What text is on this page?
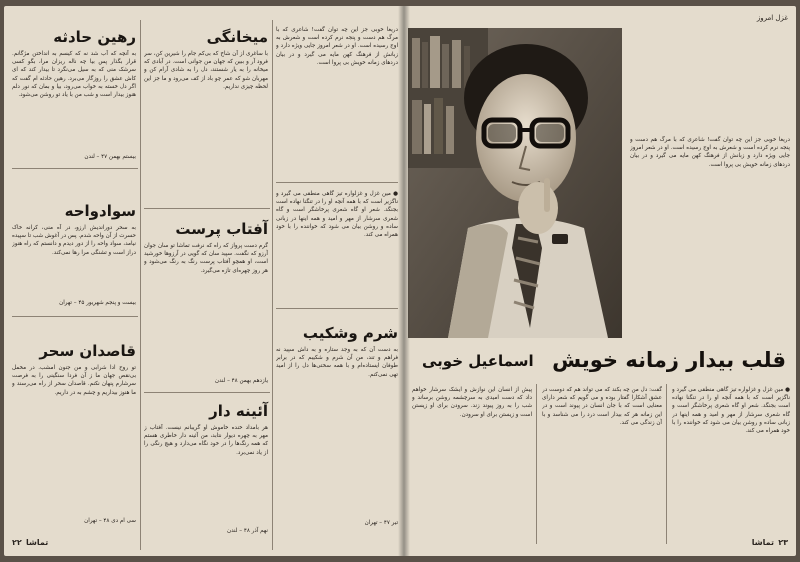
رهین حادثه
به آنچه که آب شد نه که کیسم به انداختن مژگانم. قرار بگذار پس بیا چه ناله ریزان مرا، بگو کسی سرشک منی که به سیل می‌نگرد تا بیدار کند که ای کاش عشق را روزگار می‌برد. رهین حادثه ام گفت که اگر دل خسته به خواب می‌رود، بیا و بمان که نور دلم هنوز بیدار است و شب من با یاد تو روشن می‌شود.
بیستم بهمن ۴۷ – لندن
سوادواحه
به سحر دوراندیش ارزو، در آه منی، کرانه خاک حسرت از آن واحه شدم. پس در آغوش شب تا سپیده نیامد، سواد واحه را از دور دیدم و دانستم که راه هنوز دراز است و تشنگی مرا رها نمی‌کند.
بیست و پنجم شهریور ۴۵ – تهران
قاصدان سحر
تو روح ادا شرابی و من جنون امشب. در مخمل بی‌نقص جهان ما ز آن فردا سنگینی را به فرصت سرشارم پنهان نکنم. قاصدان سحر از راه می‌رسند و ما هنوز بیداریم و چشم به در داریم.
سی ام دی ۴۸ – تهران
میخانگی
با ساغری از آن شاخ که بی‌کم جام را شیرین کن، سر فرود آر و ببین که جهان من جوانی است. در آبادی که میخانه را به یار شستند، دل را به شادی آرام کن و مهربان شو که عمر چو باد از کف می‌رود و ما جز این لحظه چیزی نداریم.
آفتاب پرست
گرم دست پرواز که راه که نرفت تماشا تو سان جوان آرزو که نگفت. سپید سان که گویی در آرزوها خورشید است، او همچو آفتاب پرست رنگ به رنگ می‌شود و هر روز چهره‌ای تازه می‌گیرد.
یازدهم بهمن ۴۸ – لندن
آئینه دار
هر بامداد خنده خاموش او گریبانم نیست. آفتاب ز مهر به چهره دیوار نتابد، من آئینه دار خاطری هستم که همه رنگ‌ها را در خود نگاه می‌دارد و هیچ رنگی را از یاد نمی‌برد.
نهم آذر ۴۸ – لندن
دریغا خوبی جز این چه توان گفت! شاعری که با مرگ هم دست و پنجه نرم کرده است و شعرش به اوج رسیده است. او در شعر امروز جایی ویژه دارد و زبانش از فرهنگ کهن مایه می گیرد و در بیان دردهای زمانه خویش بی پروا است.
● مین غزل و غزلواره تیز گاهی منطقی می گیرد و ناگزیر است که با همه آنچه او را در تنگنا نهاده است بجنگد. شعر او گاه شعری پرخاشگر است و گاه شعری سرشار از مهر و امید و همه اینها در زبانی ساده و روشن بیان می شود که خواننده را با خود همراه می کند.
شرم وشکیب
به دست آن که به وجد ستاره و به داش سپید نه فراهم و تند، من آن شرم و شکیبم که در برابر طوفان ایستاده‌ام و با همه سختی‌ها دل را از امید تهی نمی‌کنم.
تیر ۴۷ – تهران
تماشا
۲۲
غزل امروز
دریغا خوبی جز این چه توان گفت! شاعری که با مرگ هم دست و پنجه نرم کرده است و شعرش به اوج رسیده است. او در شعر امروز جایی ویژه دارد و زبانش از فرهنگ کهن مایه می گیرد و در بیان دردهای زمانه خویش بی پروا است.
قلب بیدار زمانه خویش
اسماعیل خوبی
● مین غزل و غزلواره تیز گاهی منطقی می گیرد و ناگزیر است که با همه آنچه او را در تنگنا نهاده است بجنگد. شعر او گاه شعری پرخاشگر است و گاه شعری سرشار از مهر و امید و همه اینها در زبانی ساده و روشن بیان می شود که خواننده را با خود همراه می کند.
گفت: دل من چه بکند که می تواند هم که دوست در عشق آشکارا گفتار بوده و می گویم که شعر دارای معنایی است که با جان انسان در پیوند است و در این زمانه هر که بیدار است درد را می شناسد و با آن زندگی می کند.
پیش از انسان این نوازش و ایشک سرشار خواهم داد که دست امیدی به سرچشمه روشن برساند و شب را به روز پیوند زند. سرودن برای او زیستن است و زیستن برای او سرودن.
تماشا ۲۳
